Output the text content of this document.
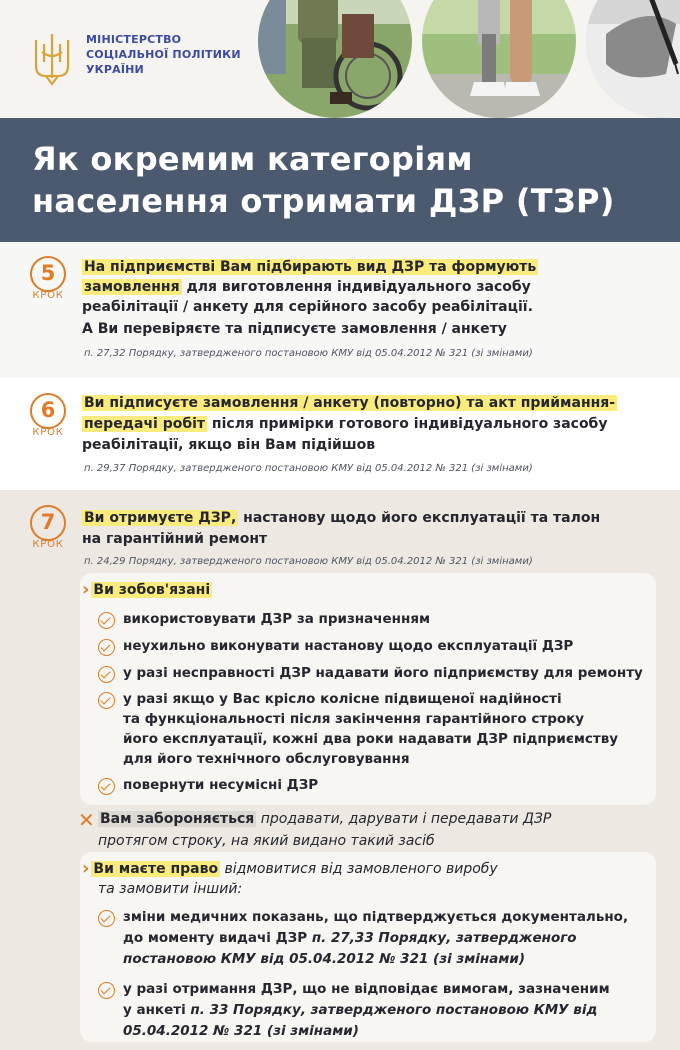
МІНІСТЕРСТВО
СОЦІАЛЬНОЇ ПОЛІТИКИ
УКРАЇНИ
Як окремим категоріям
населення отримати ДЗР (ТЗР)
5
КРОК
На підприємстві Вам підбирають вид ДЗР та формують
замовлення для виготовлення індивідуального засобу
реабілітації / анкету для серійного засобу реабілітації.
А Ви перевіряєте та підписуєте замовлення / анкету
п. 27,32 Порядку, затвердженого постановою КМУ від 05.04.2012 № 321 (зі змінами)
6
КРОК
Ви підписуєте замовлення / анкету (повторно) та акт приймання-
передачі робіт після примірки готового індивідуального засобу
реабілітації, якщо він Вам підійшов
п. 29,37 Порядку, затвердженого постановою КМУ від 05.04.2012 № 321 (зі змінами)
7
КРОК
Ви отримуєте ДЗР, настанову щодо його експлуатації та талон
на гарантійний ремонт
п. 24,29 Порядку, затвердженого постановою КМУ від 05.04.2012 № 321 (зі змінами)
› Ви зобов'язані
використовувати ДЗР за призначенням
неухильно виконувати настанову щодо експлуатації ДЗР
у разі несправності ДЗР надавати його підприємству для ремонту
у разі якщо у Вас крісло колісне підвищеної надійності
та функціональності після закінчення гарантійного строку
його експлуатації, кожні два роки надавати ДЗР підприємству
для його технічного обслуговування
повернути несумісні ДЗР
✕ Вам забороняється продавати, дарувати і передавати ДЗР
протягом строку, на який видано такий засіб
› Ви маєте право відмовитися від замовленого виробу
та замовити інший:
зміни медичних показань, що підтверджується документально,
до моменту видачі ДЗР п. 27,33 Порядку, затвердженого
постановою КМУ від 05.04.2012 № 321 (зі змінами)
у разі отримання ДЗР, що не відповідає вимогам, зазначеним
у анкеті п. 33 Порядку, затвердженого постановою КМУ від
05.04.2012 № 321 (зі змінами)
